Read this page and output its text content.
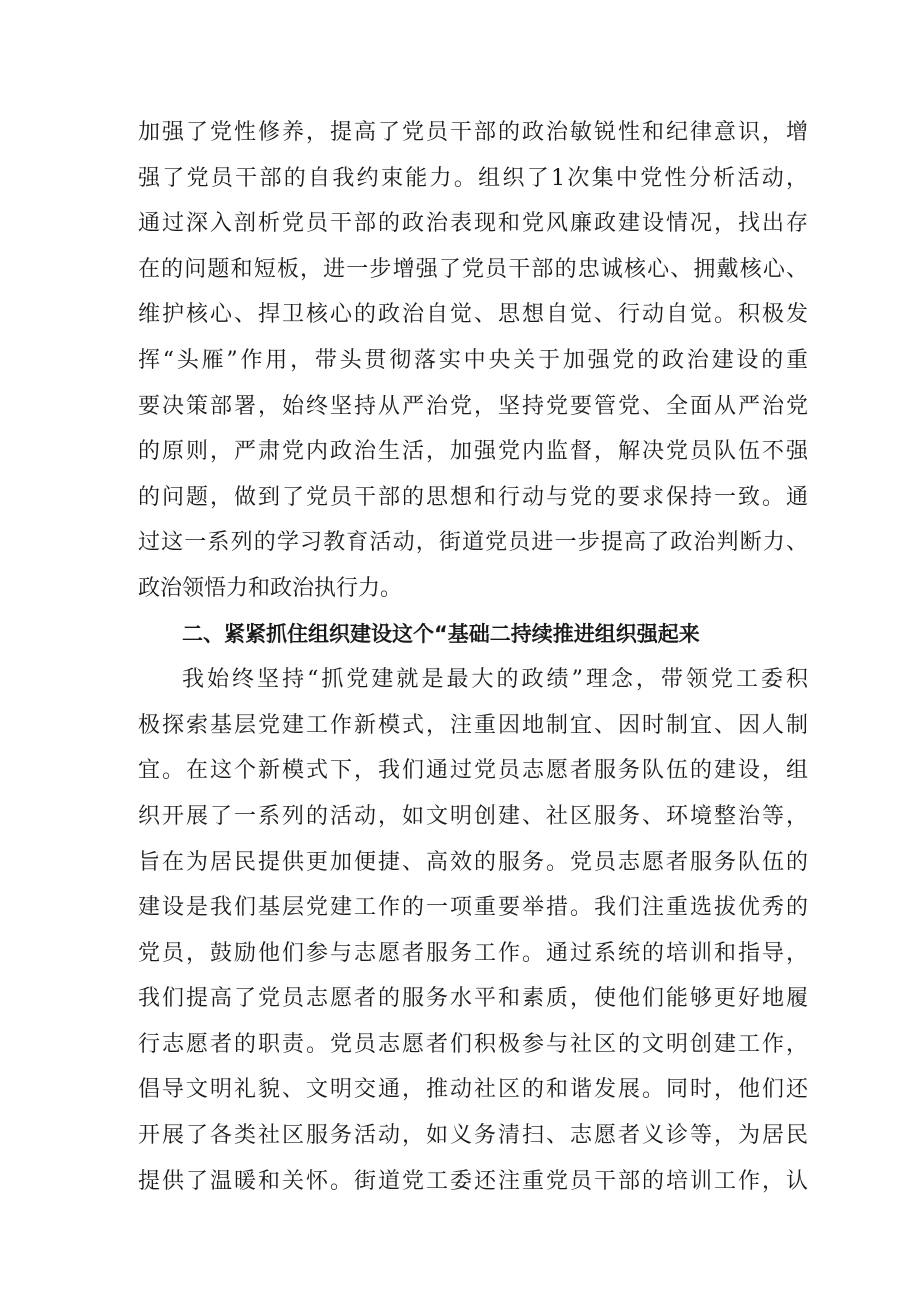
加强了党性修养，提高了党员干部的政治敏锐性和纪律意识，增
强了党员干部的自我约束能力。组织了1次集中党性分析活动，
通过深入剖析党员干部的政治表现和党风廉政建设情况，找出存
在的问题和短板，进一步增强了党员干部的忠诚核心、拥戴核心、
维护核心、捍卫核心的政治自觉、思想自觉、行动自觉。积极发
挥“头雁”作用，带头贯彻落实中央关于加强党的政治建设的重
要决策部署，始终坚持从严治党，坚持党要管党、全面从严治党
的原则，严肃党内政治生活，加强党内监督，解决党员队伍不强
的问题，做到了党员干部的思想和行动与党的要求保持一致。通
过这一系列的学习教育活动，街道党员进一步提高了政治判断力、
政治领悟力和政治执行力。
二、紧紧抓住组织建设这个“基础二持续推进组织强起来
我始终坚持“抓党建就是最大的政绩”理念，带领党工委积
极探索基层党建工作新模式，注重因地制宜、因时制宜、因人制
宜。在这个新模式下，我们通过党员志愿者服务队伍的建设，组
织开展了一系列的活动，如文明创建、社区服务、环境整治等，
旨在为居民提供更加便捷、高效的服务。党员志愿者服务队伍的
建设是我们基层党建工作的一项重要举措。我们注重选拔优秀的
党员，鼓励他们参与志愿者服务工作。通过系统的培训和指导，
我们提高了党员志愿者的服务水平和素质，使他们能够更好地履
行志愿者的职责。党员志愿者们积极参与社区的文明创建工作，
倡导文明礼貌、文明交通，推动社区的和谐发展。同时，他们还
开展了各类社区服务活动，如义务清扫、志愿者义诊等，为居民
提供了温暖和关怀。街道党工委还注重党员干部的培训工作，认
